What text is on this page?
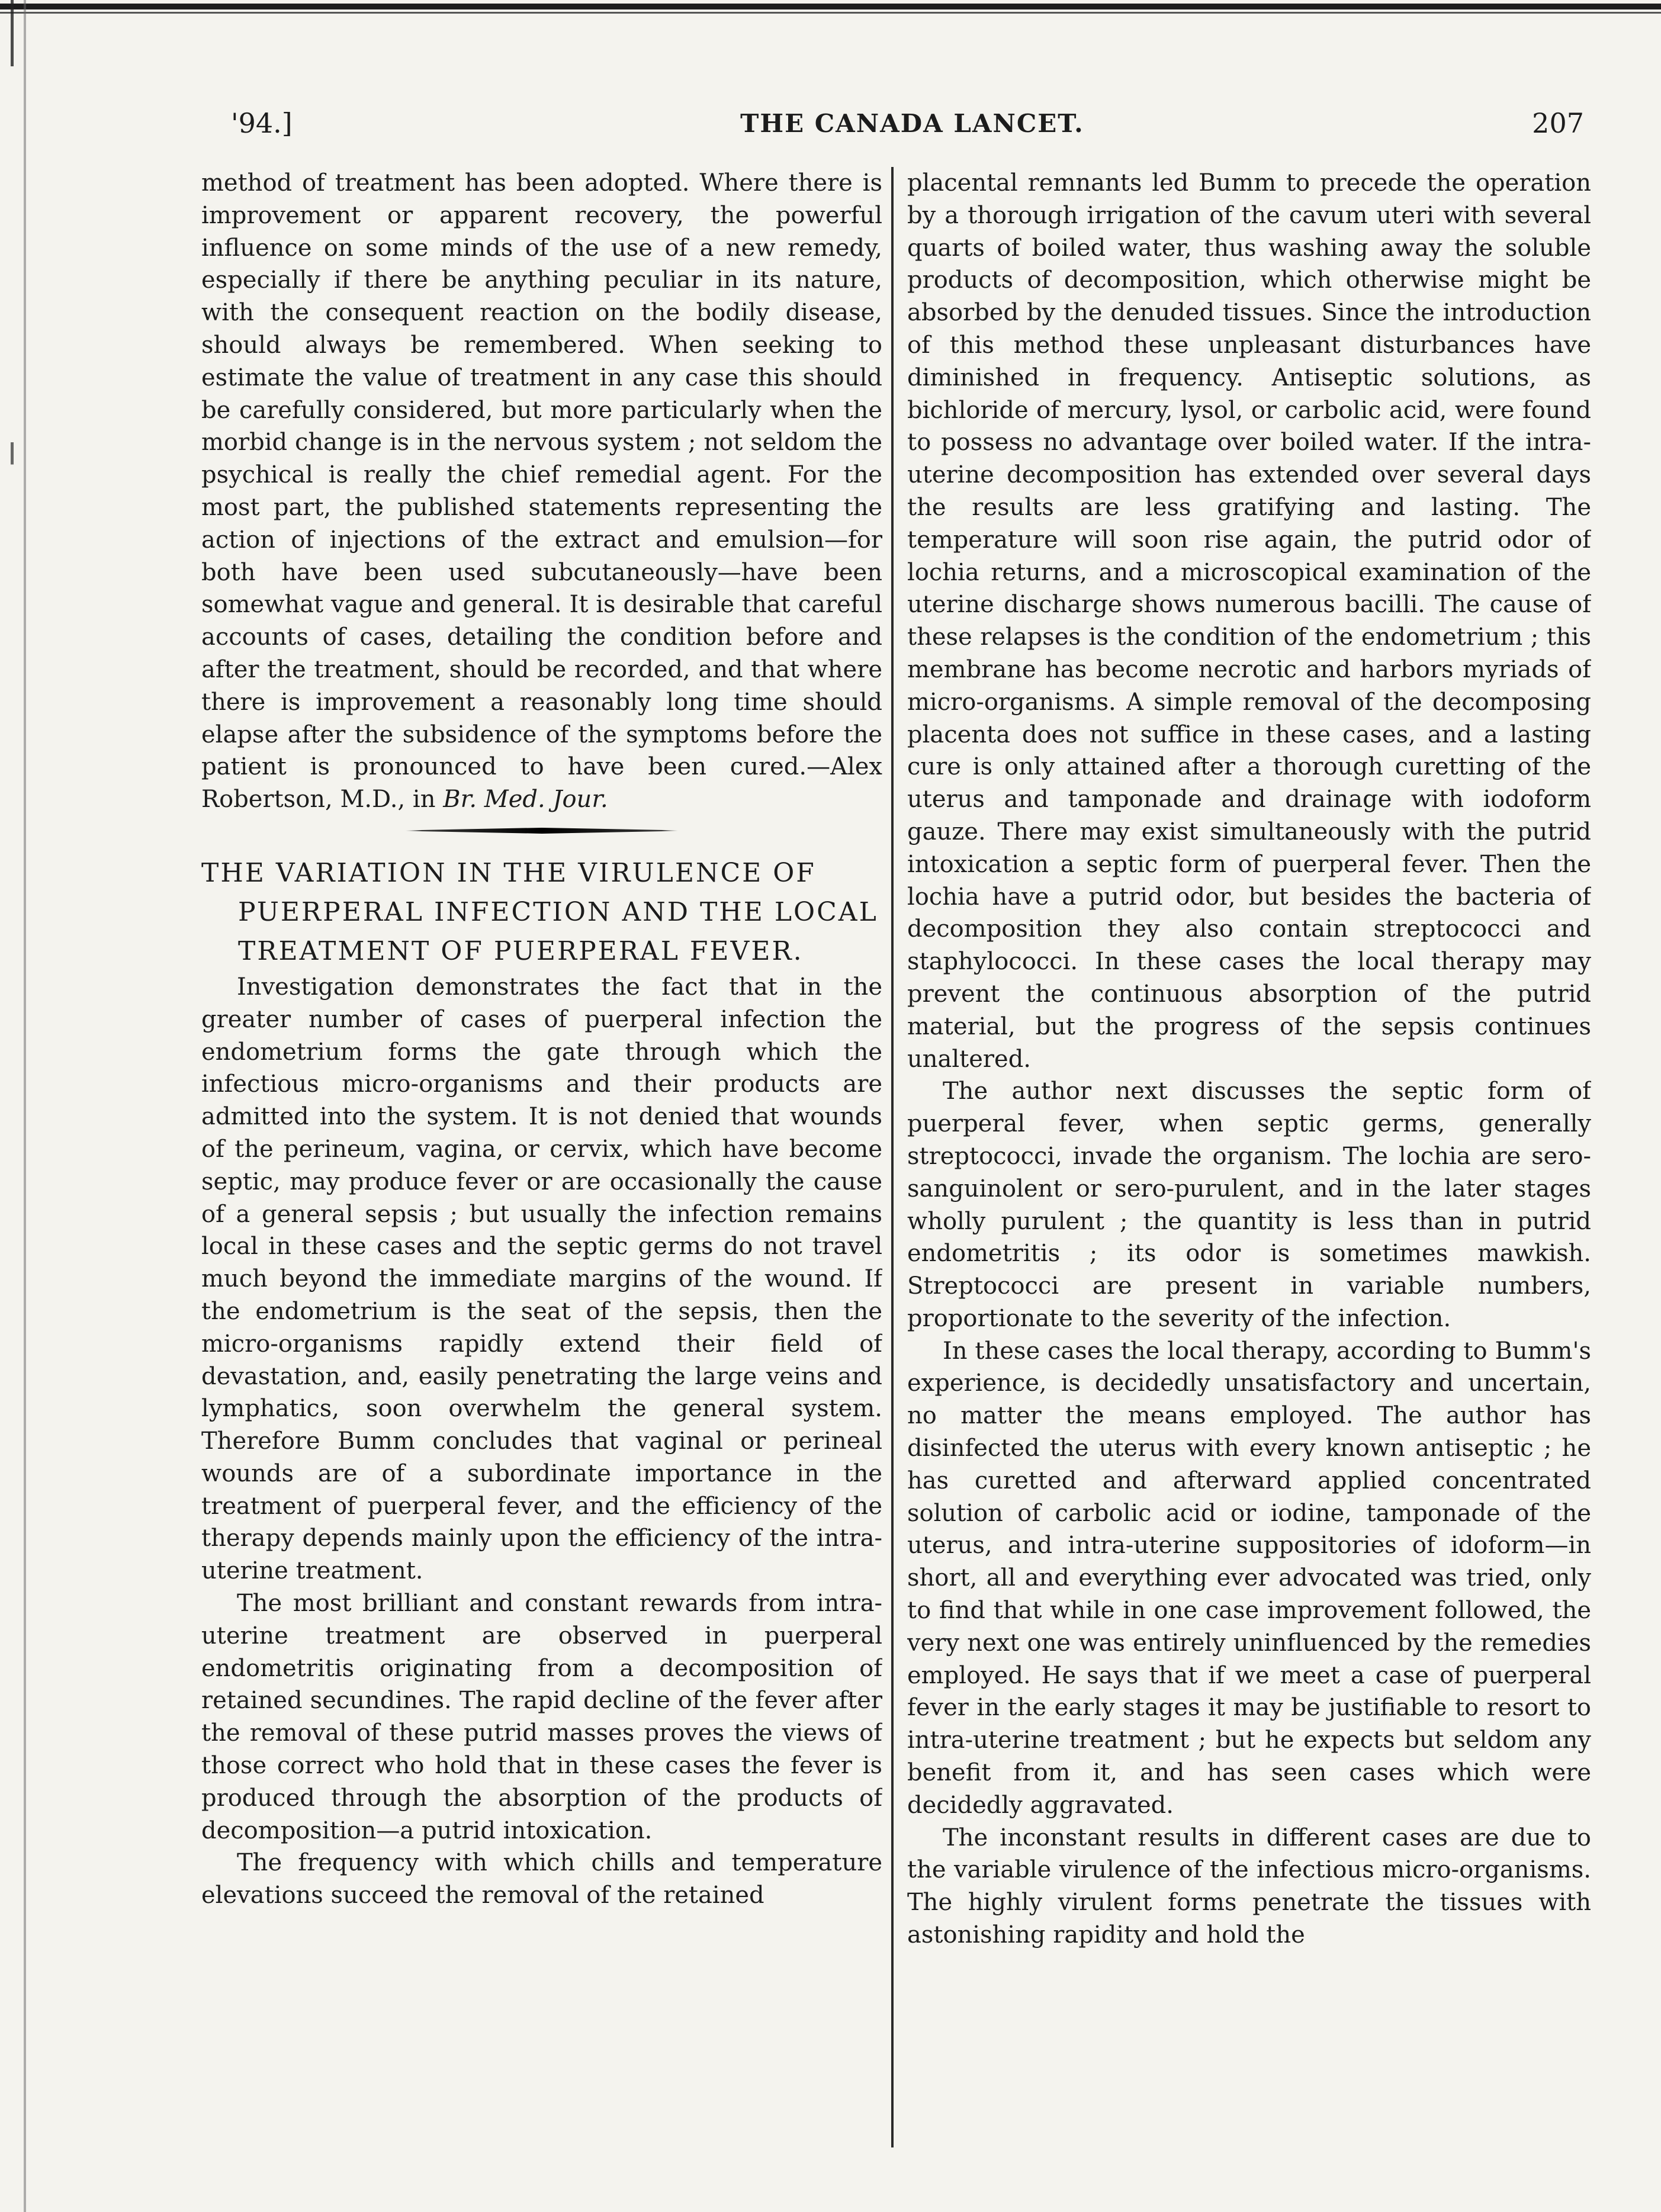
'94.]	THE CANADA LANCET.	207

method of treatment has been adopted. Where there is improvement or apparent recovery, the powerful influence on some minds of the use of a new remedy, especially if there be anything peculiar in its nature, with the consequent reaction on the bodily disease, should always be remembered. When seeking to estimate the value of treatment in any case this should be carefully considered, but more particularly when the morbid change is in the nervous system ; not seldom the psychical is really the chief remedial agent. For the most part, the published statements representing the action of injections of the extract and emulsion—for both have been used subcutaneously—have been somewhat vague and general. It is desirable that careful accounts of cases, detailing the condition before and after the treatment, should be recorded, and that where there is improvement a reasonably long time should elapse after the subsidence of the symptoms before the patient is pronounced to have been cured.—Alex Robertson, M.D., in Br. Med. Jour.

THE VARIATION IN THE VIRULENCE OF PUERPERAL INFECTION AND THE LOCAL TREATMENT OF PUERPERAL FEVER.

Investigation demonstrates the fact that in the greater number of cases of puerperal infection the endometrium forms the gate through which the infectious micro-organisms and their products are admitted into the system. It is not denied that wounds of the perineum, vagina, or cervix, which have become septic, may produce fever or are occasionally the cause of a general sepsis ; but usually the infection remains local in these cases and the septic germs do not travel much beyond the immediate margins of the wound. If the endometrium is the seat of the sepsis, then the micro-organisms rapidly extend their field of devastation, and, easily penetrating the large veins and lymphatics, soon overwhelm the general system. Therefore Bumm concludes that vaginal or perineal wounds are of a subordinate importance in the treatment of puerperal fever, and the efficiency of the therapy depends mainly upon the efficiency of the intra-uterine treatment.

The most brilliant and constant rewards from intra-uterine treatment are observed in puerperal endometritis originating from a decomposition of retained secundines. The rapid decline of the fever after the removal of these putrid masses proves the views of those correct who hold that in these cases the fever is produced through the absorption of the products of decomposition—a putrid intoxication.

The frequency with which chills and temperature elevations succeed the removal of the retained

placental remnants led Bumm to precede the operation by a thorough irrigation of the cavum uteri with several quarts of boiled water, thus washing away the soluble products of decomposition, which otherwise might be absorbed by the denuded tissues. Since the introduction of this method these unpleasant disturbances have diminished in frequency. Antiseptic solutions, as bichloride of mercury, lysol, or carbolic acid, were found to possess no advantage over boiled water. If the intra-uterine decomposition has extended over several days the results are less gratifying and lasting. The temperature will soon rise again, the putrid odor of lochia returns, and a microscopical examination of the uterine discharge shows numerous bacilli. The cause of these relapses is the condition of the endometrium ; this membrane has become necrotic and harbors myriads of micro-organisms. A simple removal of the decomposing placenta does not suffice in these cases, and a lasting cure is only attained after a thorough curetting of the uterus and tamponade and drainage with iodoform gauze. There may exist simultaneously with the putrid intoxication a septic form of puerperal fever. Then the lochia have a putrid odor, but besides the bacteria of decomposition they also contain streptococci and staphylococci. In these cases the local therapy may prevent the continuous absorption of the putrid material, but the progress of the sepsis continues unaltered.

The author next discusses the septic form of puerperal fever, when septic germs, generally streptococci, invade the organism. The lochia are sero-sanguinolent or sero-purulent, and in the later stages wholly purulent ; the quantity is less than in putrid endometritis ; its odor is sometimes mawkish. Streptococci are present in variable numbers, proportionate to the severity of the infection.

In these cases the local therapy, according to Bumm's experience, is decidedly unsatisfactory and uncertain, no matter the means employed. The author has disinfected the uterus with every known antiseptic ; he has curetted and afterward applied concentrated solution of carbolic acid or iodine, tamponade of the uterus, and intra-uterine suppositories of idoform—in short, all and everything ever advocated was tried, only to find that while in one case improvement followed, the very next one was entirely uninfluenced by the remedies employed. He says that if we meet a case of puerperal fever in the early stages it may be justifiable to resort to intra-uterine treatment ; but he expects but seldom any benefit from it, and has seen cases which were decidedly aggravated.

The inconstant results in different cases are due to the variable virulence of the infectious micro-organisms. The highly virulent forms penetrate the tissues with astonishing rapidity and hold the
